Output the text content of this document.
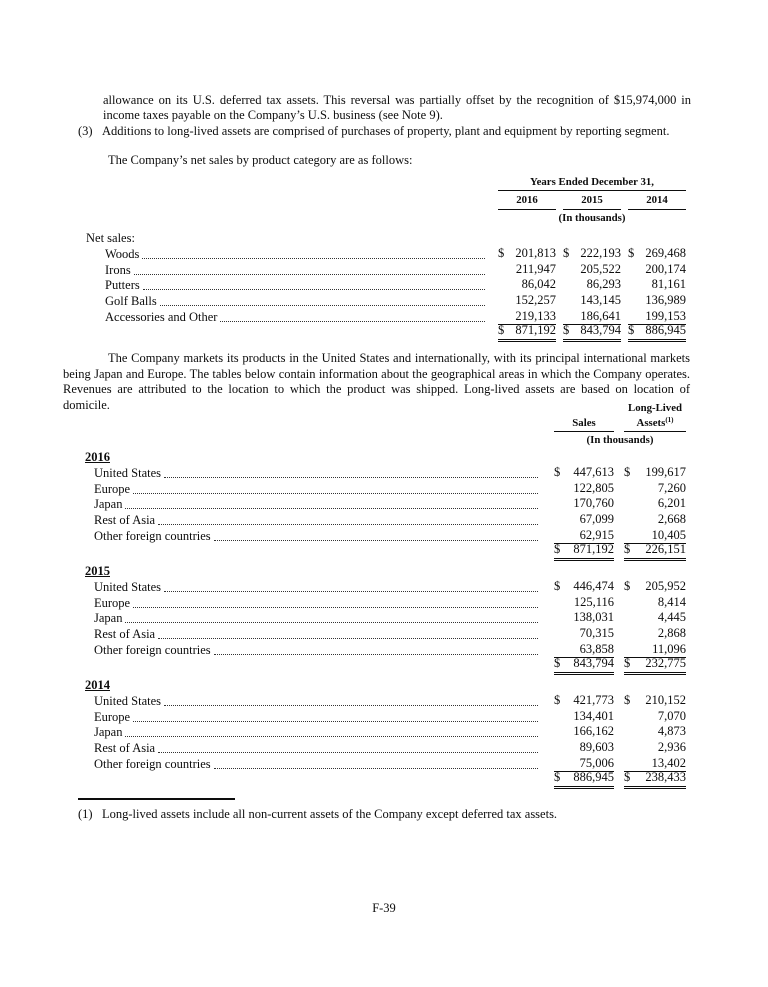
allowance on its U.S. deferred tax assets. This reversal was partially offset by the recognition of $15,974,000 in income taxes payable on the Company’s U.S. business (see Note 9).
(3) Additions to long-lived assets are comprised of purchases of property, plant and equipment by reporting segment.
The Company’s net sales by product category are as follows:
Years Ended December 31,
2016	2015	2014
(In thousands)
Net sales:
Woods	$ 201,813 $ 222,193 $ 269,468
Irons	211,947 205,522 200,174
Putters	86,042 86,293 81,161
Golf Balls	152,257 143,145 136,989
Accessories and Other	219,133 186,641 199,153
$ 871,192 $ 843,794 $ 886,945
The Company markets its products in the United States and internationally, with its principal international markets being Japan and Europe. The tables below contain information about the geographical areas in which the Company operates. Revenues are attributed to the location to which the product was shipped. Long-lived assets are based on location of domicile.
Sales
Long-Lived
Assets$^{(1)}$
(In thousands)
2016
United States	$ 447,613 $ 199,617
Europe	122,805	7,260
Japan	170,760	6,201
Rest of Asia	67,099	2,668
Other foreign countries	62,915	10,405
$ 871,192 $ 226,151
2015
United States	$ 446,474 $ 205,952
Europe	125,116	8,414
Japan	138,031	4,445
Rest of Asia	70,315	2,868
Other foreign countries	63,858	11,096
$ 843,794 $ 232,775
2014
United States	$ 421,773 $ 210,152
Europe	134,401	7,070
Japan	166,162	4,873
Rest of Asia	89,603	2,936
Other foreign countries	75,006	13,402
$ 886,945 $ 238,433
(1) Long-lived assets include all non-current assets of the Company except deferred tax assets.
F-39
